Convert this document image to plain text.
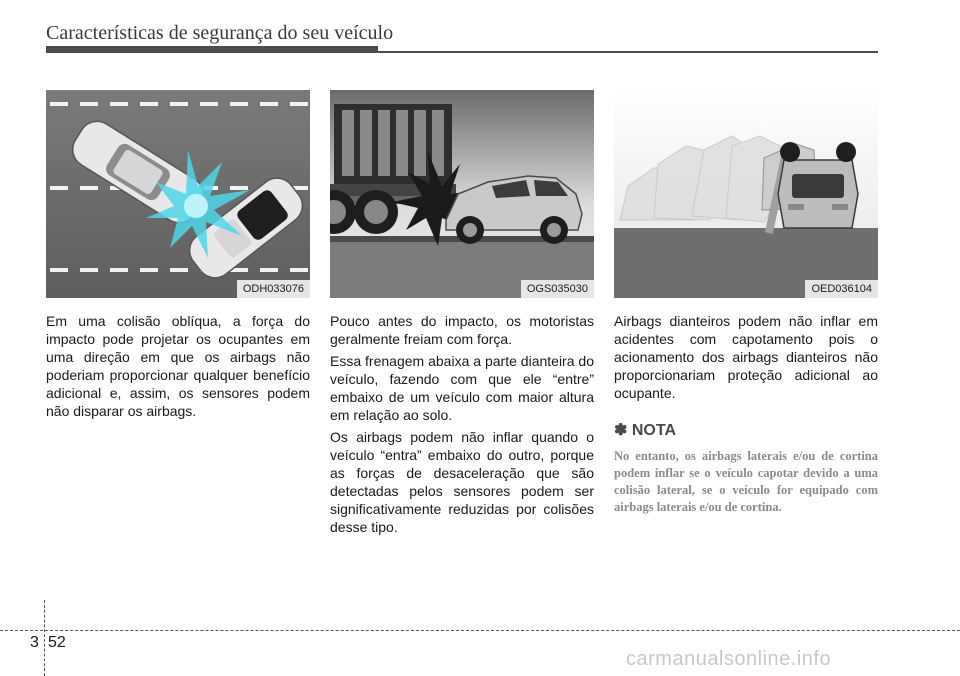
Características de segurança do seu veículo
ODH033076	OGS035030	OED036104

Em uma colisão oblíqua, a força do impacto pode projetar os ocupantes em uma direção em que os airbags não poderiam proporcionar qualquer benefício adicional e, assim, os sensores podem não disparar os airbags.

Pouco antes do impacto, os motoristas geralmente freiam com força.

Essa frenagem abaixa a parte dianteira do veículo, fazendo com que ele “entre” embaixo de um veículo com maior altura em relação ao solo.

Os airbags podem não inflar quando o veículo “entra” embaixo do outro, porque as forças de desaceleração que são detectadas pelos sensores podem ser significativamente reduzidas por colisões desse tipo.

Airbags dianteiros podem não inflar em acidentes com capotamento pois o acionamento dos airbags dianteiros não proporcionariam proteção adicional ao ocupante.

✽ NOTA

No entanto, os airbags laterais e/ou de cortina podem inflar se o veículo capotar devido a uma colisão lateral, se o veículo for equipado com airbags laterais e/ou de cortina.

3 52
carmanualsonline.info
